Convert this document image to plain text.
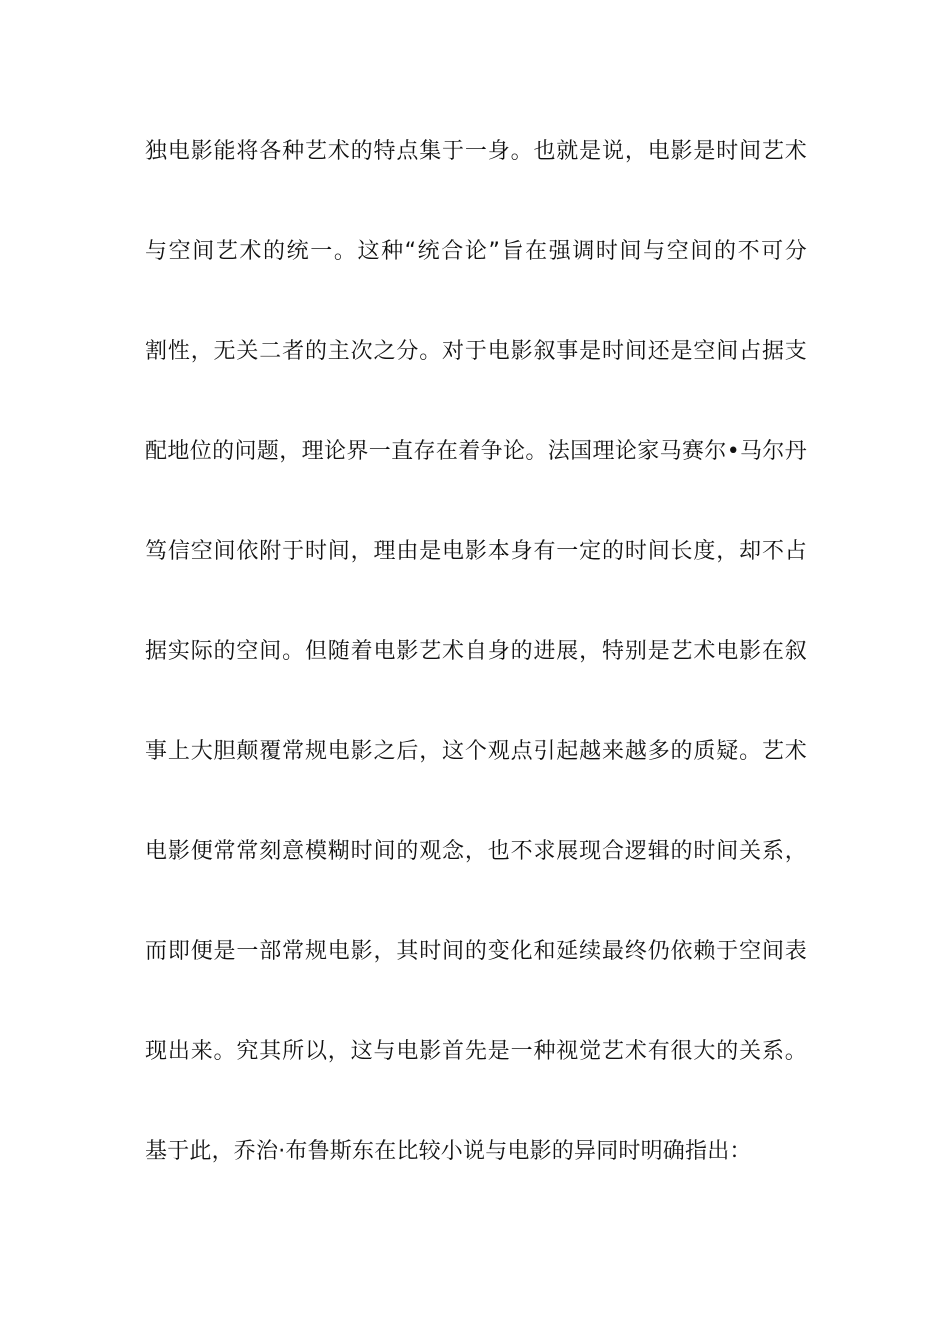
独电影能将各种艺术的特点集于一身。也就是说，电影是时间艺术
与空间艺术的统一。这种“统合论”旨在强调时间与空间的不可分
割性，无关二者的主次之分。对于电影叙事是时间还是空间占据支
配地位的问题，理论界一直存在着争论。法国理论家马赛尔•马尔丹
笃信空间依附于时间，理由是电影本身有一定的时间长度，却不占
据实际的空间。但随着电影艺术自身的进展，特别是艺术电影在叙
事上大胆颠覆常规电影之后，这个观点引起越来越多的质疑。艺术
电影便常常刻意模糊时间的观念，也不求展现合逻辑的时间关系，
而即便是一部常规电影，其时间的变化和延续最终仍依赖于空间表
现出来。究其所以，这与电影首先是一种视觉艺术有很大的关系。
基于此，乔治·布鲁斯东在比较小说与电影的异同时明确指出：
